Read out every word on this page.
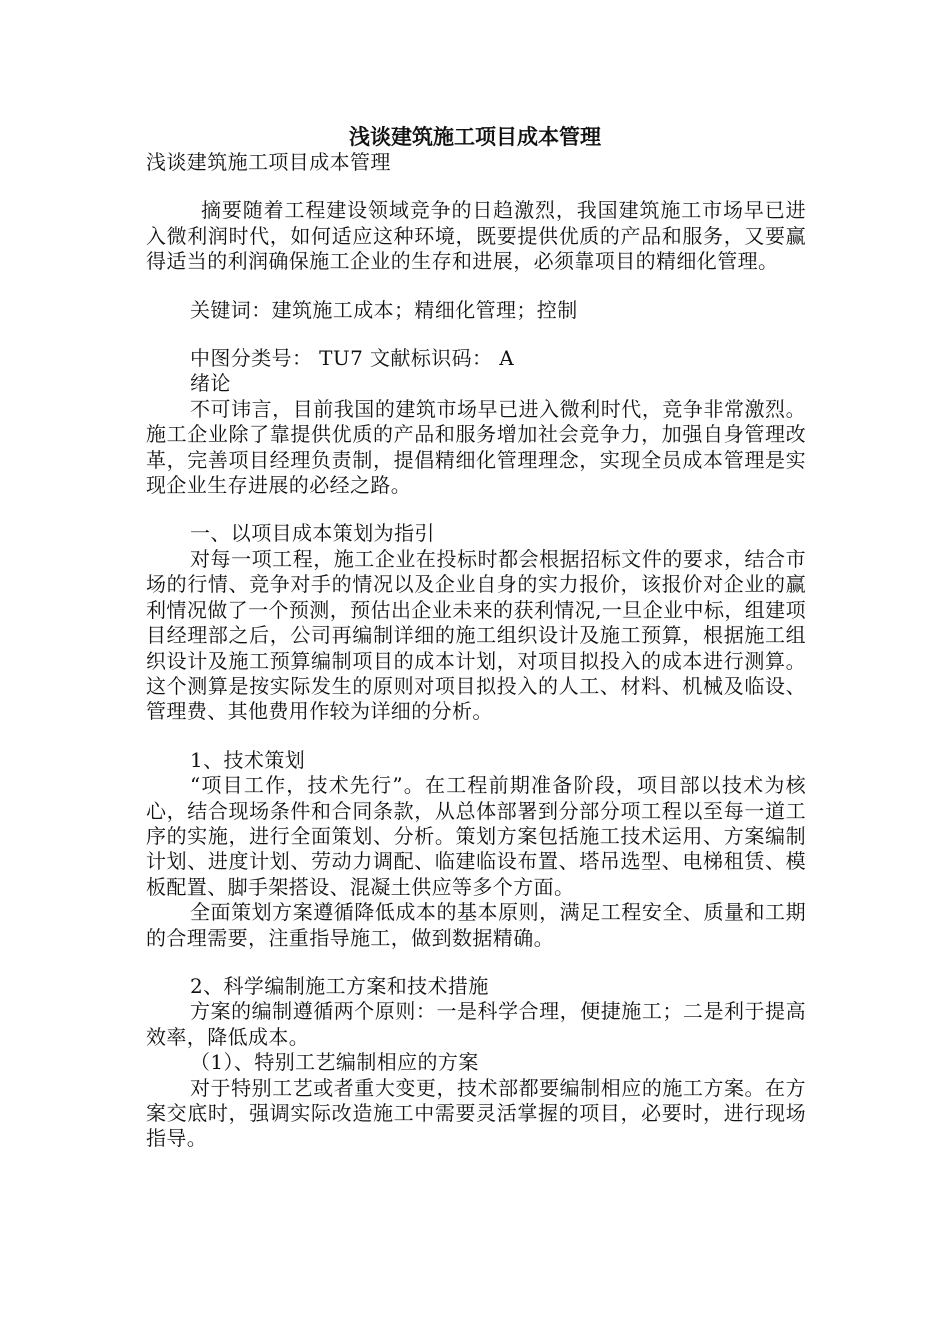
浅谈建筑施工项目成本管理

浅谈建筑施工项目成本管理

摘要随着工程建设领域竞争的日趋激烈，我国建筑施工市场早已进入微利润时代，如何适应这种环境，既要提供优质的产品和服务，又要赢得适当的利润确保施工企业的生存和进展，必须靠项目的精细化管理。

关键词：建筑施工成本；精细化管理；控制

中图分类号： TU7 文献标识码： A

绪论

不可讳言，目前我国的建筑市场早已进入微利时代，竞争非常激烈。施工企业除了靠提供优质的产品和服务增加社会竞争力，加强自身管理改革，完善项目经理负责制，提倡精细化管理理念，实现全员成本管理是实现企业生存进展的必经之路。

一、以项目成本策划为指引

对每一项工程，施工企业在投标时都会根据招标文件的要求，结合市场的行情、竞争对手的情况以及企业自身的实力报价，该报价对企业的赢利情况做了一个预测，预估出企业未来的获利情况,一旦企业中标，组建项目经理部之后，公司再编制详细的施工组织设计及施工预算，根据施工组织设计及施工预算编制项目的成本计划，对项目拟投入的成本进行测算。这个测算是按实际发生的原则对项目拟投入的人工、材料、机械及临设、管理费、其他费用作较为详细的分析。

1、技术策划

“项目工作，技术先行”。在工程前期准备阶段，项目部以技术为核心，结合现场条件和合同条款，从总体部署到分部分项工程以至每一道工序的实施，进行全面策划、分析。策划方案包括施工技术运用、方案编制计划、进度计划、劳动力调配、临建临设布置、塔吊选型、电梯租赁、模板配置、脚手架搭设、混凝土供应等多个方面。

全面策划方案遵循降低成本的基本原则，满足工程安全、质量和工期的合理需要，注重指导施工，做到数据精确。

2、科学编制施工方案和技术措施

方案的编制遵循两个原则：一是科学合理，便捷施工；二是利于提高效率，降低成本。

（1）、特别工艺编制相应的方案

对于特别工艺或者重大变更，技术部都要编制相应的施工方案。在方案交底时，强调实际改造施工中需要灵活掌握的项目，必要时，进行现场指导。
